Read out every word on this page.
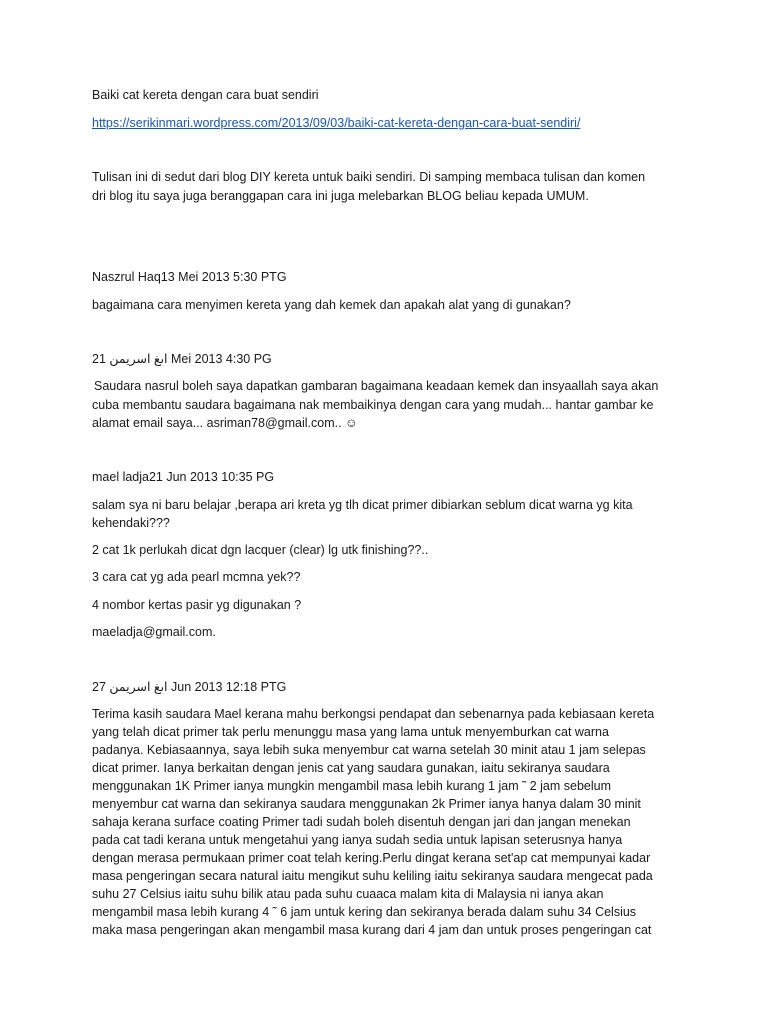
Baiki cat kereta dengan cara buat sendiri
https://serikinmari.wordpress.com/2013/09/03/baiki-cat-kereta-dengan-cara-buat-sendiri/
Tulisan ini di sedut dari blog DIY kereta untuk baiki sendiri. Di samping membaca tulisan dan komen
dri blog itu saya juga beranggapan cara ini juga melebarkan BLOG beliau kepada UMUM.
Naszrul Haq13 Mei 2013 5:30 PTG
bagaimana cara menyimen kereta yang dah kemek dan apakah alat yang di gunakan?
21 اىغ اسريمن Mei 2013 4:30 PG
Saudara nasrul boleh saya dapatkan gambaran bagaimana keadaan kemek dan insyaallah saya akan
cuba membantu saudara bagaimana nak membaikinya dengan cara yang mudah... hantar gambar ke
alamat email saya... asriman78@gmail.com.. ☺
mael ladja21 Jun 2013 10:35 PG
salam sya ni baru belajar ,berapa ari kreta yg tlh dicat primer dibiarkan seblum dicat warna yg kita
kehendaki???
2 cat 1k perlukah dicat dgn lacquer (clear) lg utk finishing??..
3 cara cat yg ada pearl mcmna yek??
4 nombor kertas pasir yg digunakan ?
maeladja@gmail.com.
27 اىغ اسريمن Jun 2013 12:18 PTG
Terima kasih saudara Mael kerana mahu berkongsi pendapat dan sebenarnya pada kebiasaan kereta
yang telah dicat primer tak perlu menunggu masa yang lama untuk menyemburkan cat warna
padanya. Kebiasaannya, saya lebih suka menyembur cat warna setelah 30 minit atau 1 jam selepas
dicat primer. Ianya berkaitan dengan jenis cat yang saudara gunakan, iaitu sekiranya saudara
menggunakan 1K Primer ianya mungkin mengambil masa lebih kurang 1 jam ˜ 2 jam sebelum
menyembur cat warna dan sekiranya saudara menggunakan 2k Primer ianya hanya dalam 30 minit
sahaja kerana surface coating Primer tadi sudah boleh disentuh dengan jari dan jangan menekan
pada cat tadi kerana untuk mengetahui yang ianya sudah sedia untuk lapisan seterusnya hanya
dengan merasa permukaan primer coat telah kering.Perlu dingat kerana set'ap cat mempunyai kadar
masa pengeringan secara natural iaitu mengikut suhu keliling iaitu sekiranya saudara mengecat pada
suhu 27 Celsius iaitu suhu bilik atau pada suhu cuaaca malam kita di Malaysia ni ianya akan
mengambil masa lebih kurang 4 ˜ 6 jam untuk kering dan sekiranya berada dalam suhu 34 Celsius
maka masa pengeringan akan mengambil masa kurang dari 4 jam dan untuk proses pengeringan cat
